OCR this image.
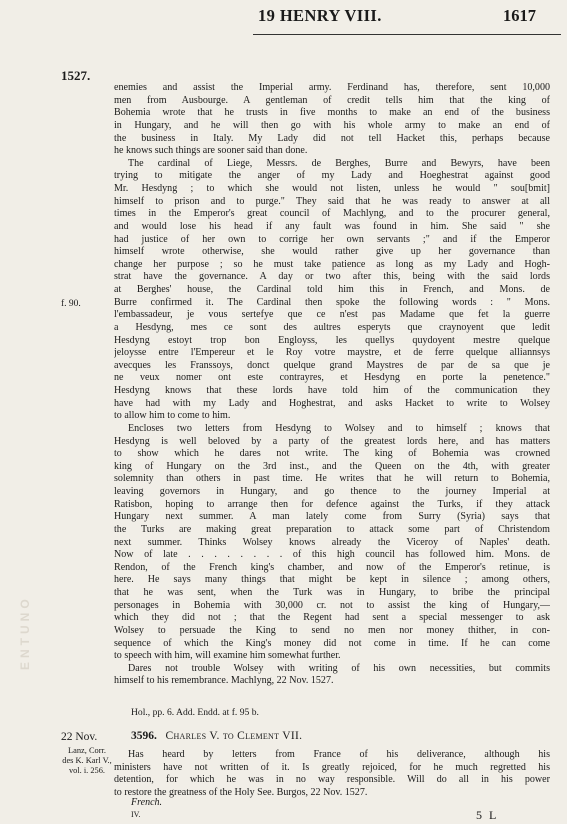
ENTUNO
19 HENRY VIII.	1617
1527.
f. 90.
enemies and assist the Imperial army. Ferdinand has, therefore, sent 10,000
men from Ausbourge. A gentleman of credit tells him that the king of
Bohemia wrote that he trusts in five months to make an end of the business
in Hungary, and he will then go with his whole army to make an end of
the business in Italy. My Lady did not tell Hacket this, perhaps because
he knows such things are sooner said than done.
The cardinal of Liege, Messrs. de Berghes, Burre and Bewyrs, have been
trying to mitigate the anger of my Lady and Hoeghestrat against good
Mr. Hesdyng ; to which she would not listen, unless he would " sou[bmit]
himself to prison and to purge." They said that he was ready to answer at all
times in the Emperor's great council of Machlyng, and to the procurer general,
and would lose his head if any fault was found in him. She said " she
had justice of her own to corrige her own servants ;" and if the Emperor
himself wrote otherwise, she would rather give up her governance than
change her purpose ; so he must take patience as long as my Lady and Hogh-
strat have the governance. A day or two after this, being with the said lords
at Berghes' house, the Cardinal told him this in French, and Mons. de
Burre confirmed it. The Cardinal then spoke the following words : " Mons.
l'embassadeur, je vous sertefye que ce n'est pas Madame que fet la guerre
a Hesdyng, mes ce sont des aultres esperyts que craynoyent que ledit
Hesdyng estoyt trop bon Engloyss, les quellys quydoyent mestre quelque
jeloysse entre l'Empereur et le Roy votre maystre, et de ferre quelque alliannsys
avecques les Franssoys, donct quelque grand Maystres de par de sa que je
ne veux nomer ont este contrayres, et Hesdyng en porte la penetence."
Hesdyng knows that these lords have told him of the communication they
have had with my Lady and Hoghestrat, and asks Hacket to write to Wolsey
to allow him to come to him.
Encloses two letters from Hesdyng to Wolsey and to himself ; knows that
Hesdyng is well beloved by a party of the greatest lords here, and has matters
to show which he dares not write. The king of Bohemia was crowned
king of Hungary on the 3rd inst., and the Queen on the 4th, with greater
solemnity than others in past time. He writes that he will return to Bohemia,
leaving governors in Hungary, and go thence to the journey Imperial at
Ratisbon, hoping to arrange then for defence against the Turks, if they attack
Hungary next summer. A man lately come from Surry (Syria) says that
the Turks are making great preparation to attack some part of Christendom
next summer. Thinks Wolsey knows already the Viceroy of Naples' death.
Now of late . . . . . . . . of this high council has followed him. Mons. de
Rendon, of the French king's chamber, and now of the Emperor's retinue, is
here. He says many things that might be kept in silence ; among others,
that he was sent, when the Turk was in Hungary, to bribe the principal
personages in Bohemia with 30,000 cr. not to assist the king of Hungary,—
which they did not ; that the Regent had sent a special messenger to ask
Wolsey to persuade the King to send no men nor money thither, in con-
sequence of which the King's money did not come in time. If he can come
to speech with him, will examine him somewhat further.
Dares not trouble Wolsey with writing of his own necessities, but commits
himself to his remembrance. Machlyng, 22 Nov. 1527.
Hol., pp. 6. Add. Endd. at f. 95 b.
22 Nov.
Lanz, Corr.
des K. Karl V.,
vol. i. 256.
3596. Charles V. to Clement VII.
Has heard by letters from France of his deliverance, although his
ministers have not written of it. Is greatly rejoiced, for he much regretted his
detention, for which he was in no way responsible. Will do all in his power
to restore the greatness of the Holy See. Burgos, 22 Nov. 1527.
French.
IV.	5 L
